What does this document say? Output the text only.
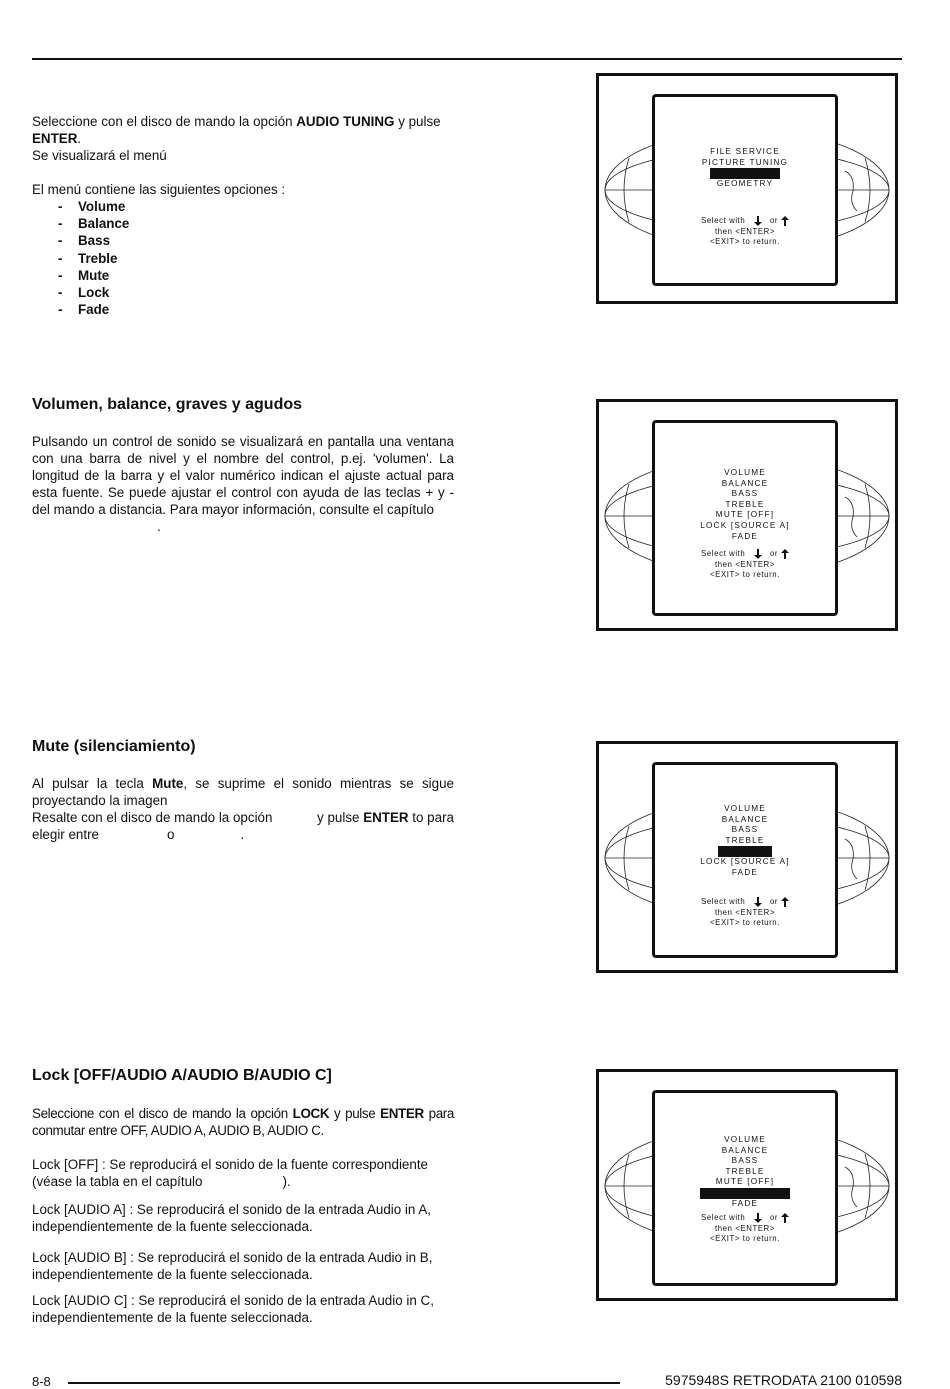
Seleccione con el disco de mando la opción AUDIO TUNING y pulse

ENTER.

Se visualizará el menú

El menú contiene las siguientes opciones :

- Volume
- Balance
- Bass
- Treble
- Mute
- Lock
- Fade
Volumen, balance, graves y agudos

Pulsando un control de sonido se visualizará en pantalla una ventana con una barra de nivel y el nombre del control, p.ej. 'volumen'. La longitud de la barra y el valor numérico indican el ajuste actual para esta fuente. Se puede ajustar el control con ayuda de las teclas + y - del mando a distancia. Para mayor información, consulte el capítulo

.

Mute (silenciamiento)

Al pulsar la tecla Mute, se suprime el sonido mientras se sigue proyectando la imagen

Resalte con el disco de mando la opción	y pulse ENTER to para

elegir entre	o	.

Lock [OFF/AUDIO A/AUDIO B/AUDIO C]

Seleccione con el disco de mando la opción LOCK y pulse ENTER para conmutar entre OFF, AUDIO A, AUDIO B, AUDIO C.

Lock [OFF] : Se reproducirá el sonido de la fuente correspondiente

(véase la tabla en el capítulo	).

Lock [AUDIO A] : Se reproducirá el sonido de la entrada Audio in A, independientemente de la fuente seleccionada.

Lock [AUDIO B] : Se reproducirá el sonido de la entrada Audio in B, independientemente de la fuente seleccionada.

Lock [AUDIO C] : Se reproducirá el sonido de la entrada Audio in C, independientemente de la fuente seleccionada.

FILE SERVICE
PICTURE TUNING
GEOMETRY
Select with	or
then <ENTER>
<EXIT> to return.
VOLUME
BALANCE
BASS
TREBLE
MUTE [OFF]
LOCK [SOURCE A]
FADE
Select with	or
then <ENTER>
<EXIT> to return.
VOLUME
BALANCE
BASS
TREBLE
LOCK [SOURCE A]
FADE
Select with	or
then <ENTER>
<EXIT> to return.
VOLUME
BALANCE
BASS
TREBLE
MUTE [OFF]
FADE
Select with	or
then <ENTER>
<EXIT> to return.
8-8	5975948S RETRODATA 2100 010598
